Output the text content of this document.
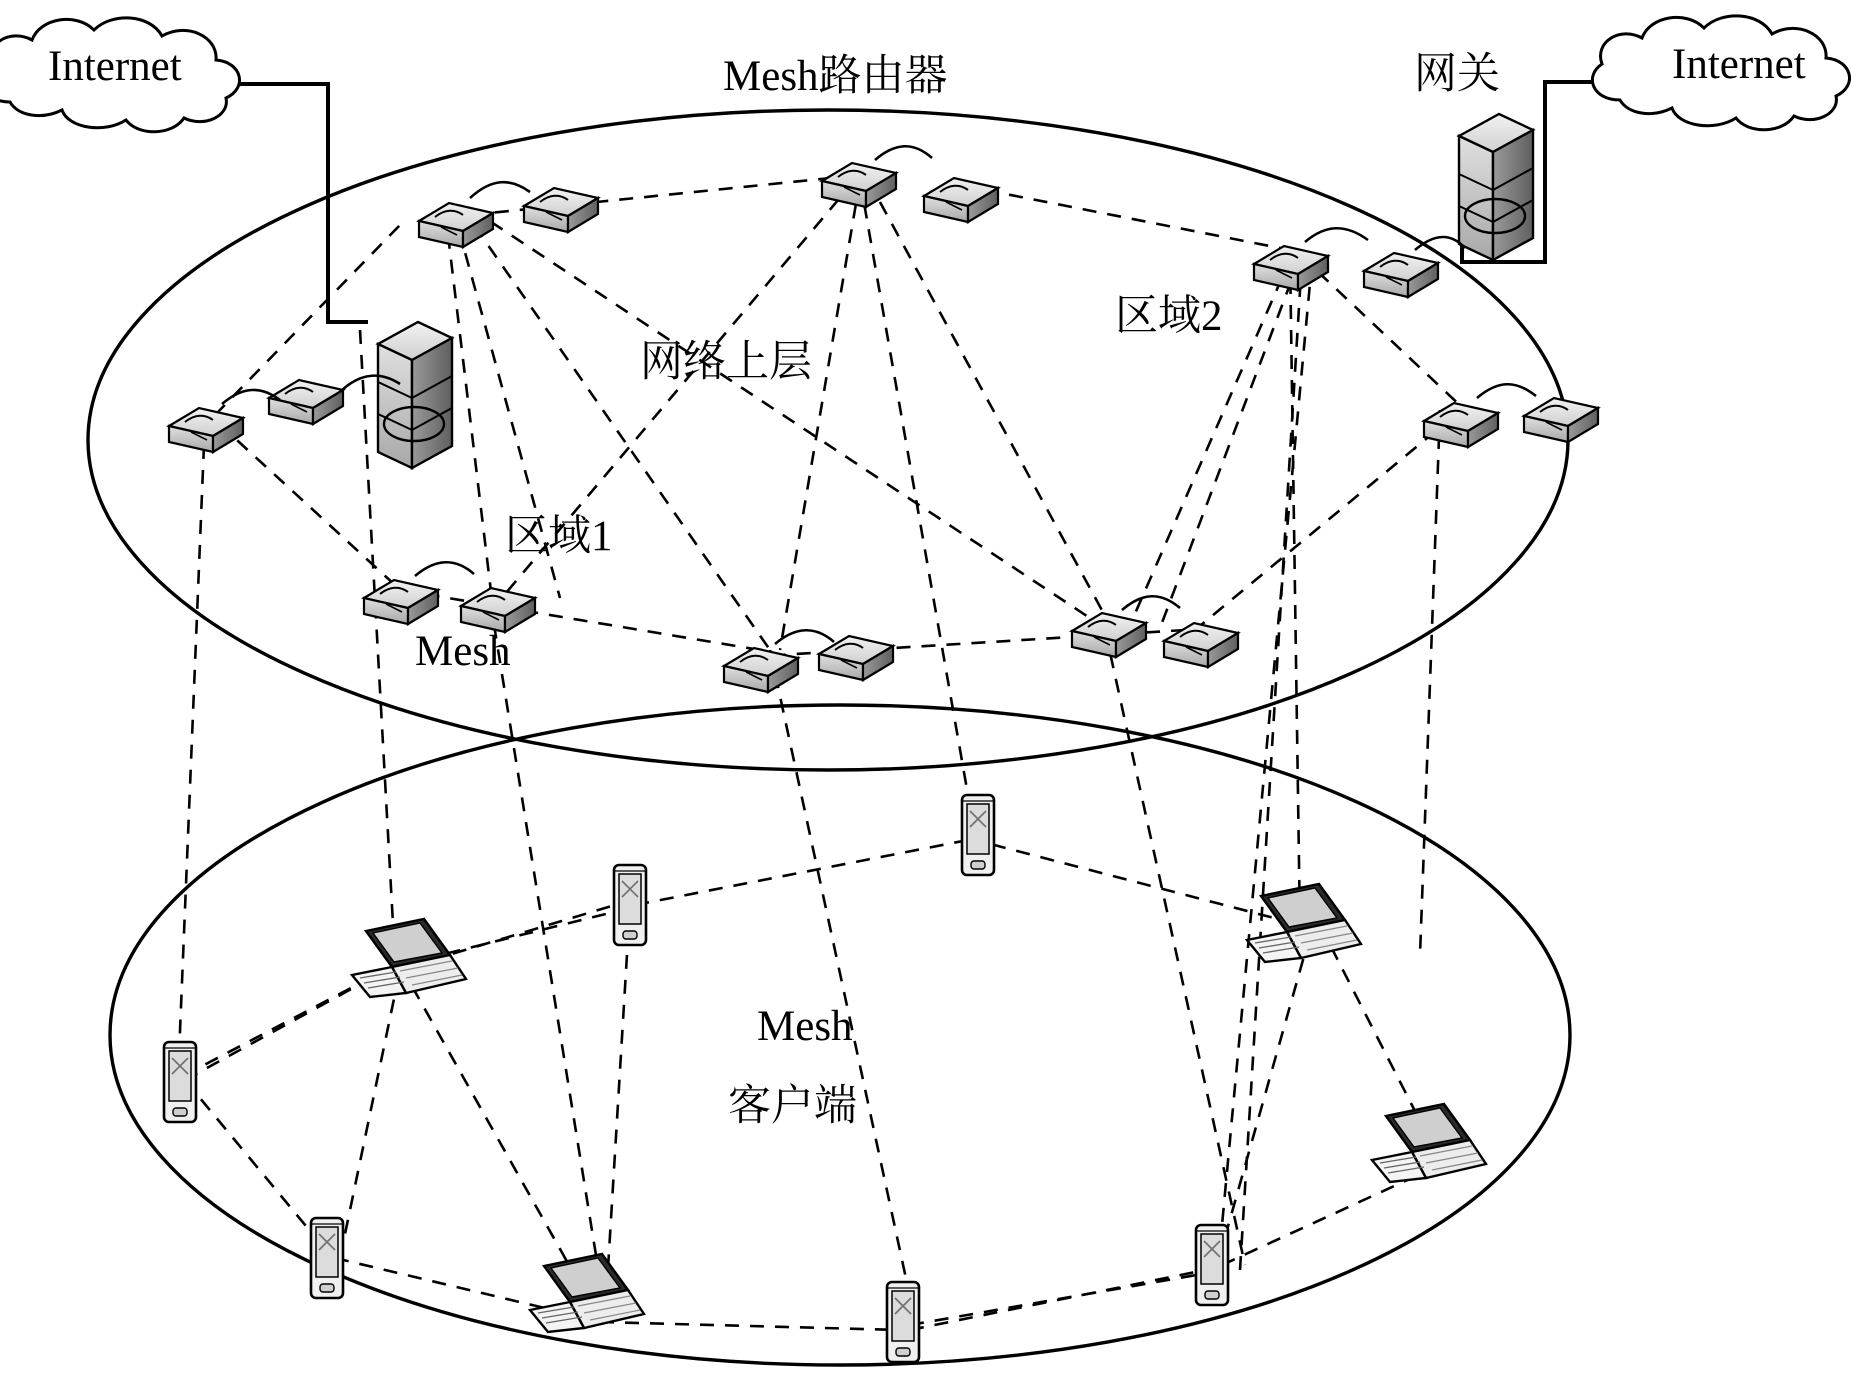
Internet	Internet
网关
Mesh路由器
网络上层
区域1
区域2
Mesh
Mesh
客户端
